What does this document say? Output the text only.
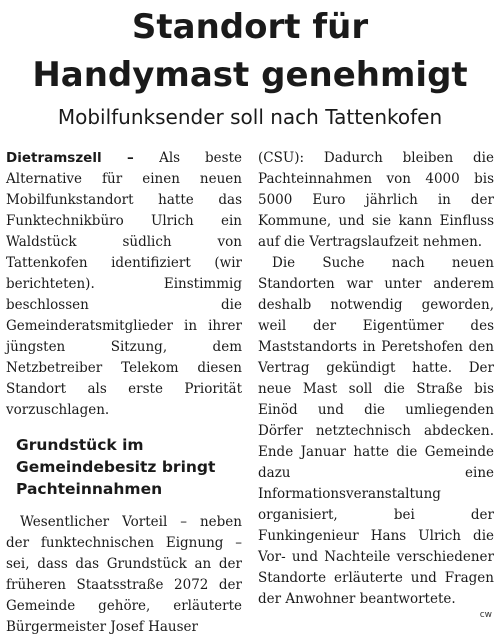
Standort für
Handymast genehmigt
Mobilfunksender soll nach Tattenkofen

Dietramszell – Als beste Alternative für einen neuen Mobilfunkstandort hatte das Funktechnikbüro Ulrich ein Waldstück südlich von Tattenkofen identifiziert (wir berichteten). Einstimmig beschlossen die Gemeinderatsmitglieder in ihrer jüngsten Sitzung, dem Netzbetreiber Telekom diesen Standort als erste Priorität vorzuschlagen.

Grundstück im
Gemeindebesitz bringt
Pachteinnahmen

Wesentlicher Vorteil – neben der funktechnischen Eignung – sei, dass das Grundstück an der früheren Staatsstraße 2072 der Gemeinde gehöre, erläuterte Bürgermeister Josef Hauser

(CSU): Dadurch bleiben die Pachteinnahmen von 4000 bis 5000 Euro jährlich in der Kommune, und sie kann Einfluss auf die Vertragslaufzeit nehmen.

Die Suche nach neuen Standorten war unter anderem deshalb notwendig geworden, weil der Eigentümer des Maststandorts in Peretshofen den Vertrag gekündigt hatte. Der neue Mast soll die Straße bis Einöd und die umliegenden Dörfer netztechnisch abdecken. Ende Januar hatte die Gemeinde dazu eine Informationsveranstaltung organisiert, bei der Funkingenieur Hans Ulrich die Vor- und Nachteile verschiedener Standorte erläuterte und Fragen der Anwohner beantwortete.

cw
